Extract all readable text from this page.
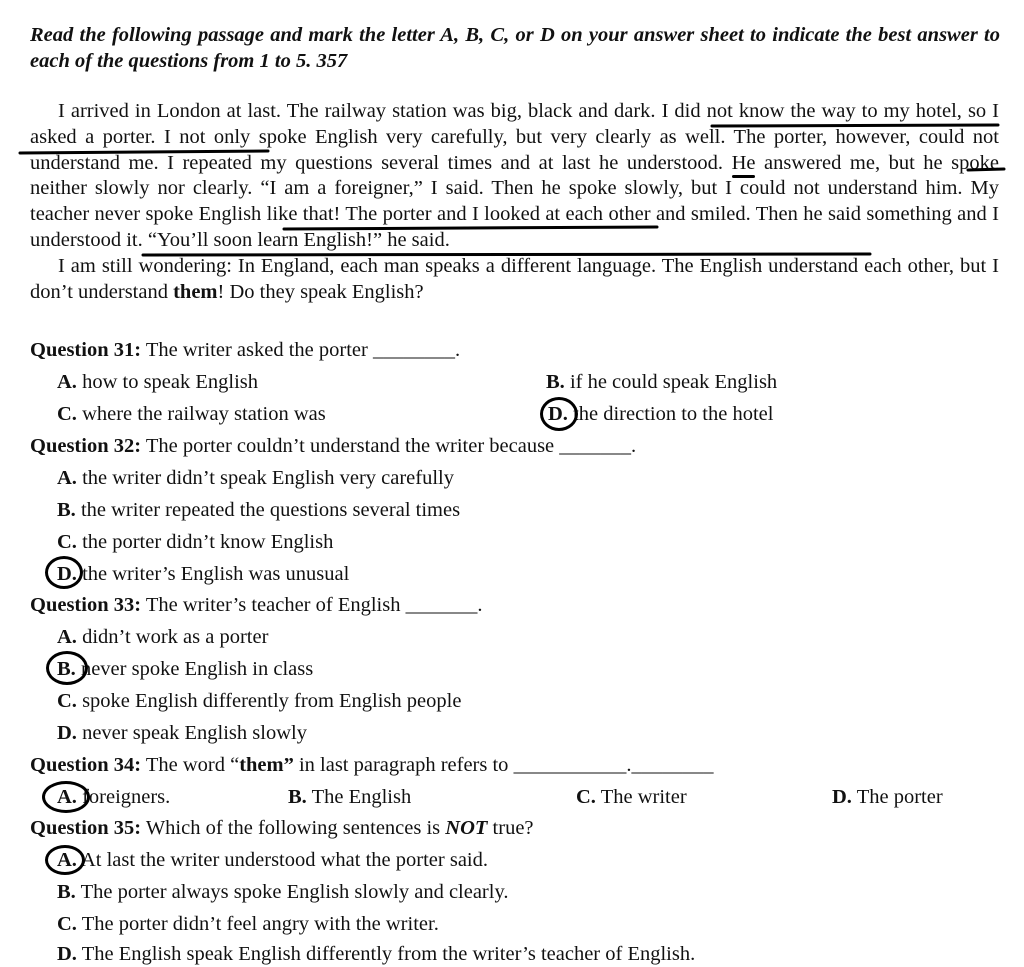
Read the following passage and mark the letter A, B, C, or D on your answer sheet to indicate the best answer to each of the questions from 1 to 5. 357

I arrived in London at last. The railway station was big, black and dark. I did not know the way to my hotel, so I asked a porter. I not only spoke English very carefully, but very clearly as well. The porter, however, could not understand me. I repeated my questions several times and at last he understood. He answered me, but he spoke neither slowly nor clearly. “I am a foreigner,” I said. Then he spoke slowly, but I could not understand him. My teacher never spoke English like that! The porter and I looked at each other and smiled. Then he said something and I understood it. “You’ll soon learn English!” he said.

I am still wondering: In England, each man speaks a different language. The English understand each other, but I don’t understand them! Do they speak English?

Question 31: The writer asked the porter ________.
A. how to speak English	B. if he could speak English
C. where the railway station was	D. the direction to the hotel
Question 32: The porter couldn’t understand the writer because _______.
A. the writer didn’t speak English very carefully
B. the writer repeated the questions several times
C. the porter didn’t know English
D. the writer’s English was unusual
Question 33: The writer’s teacher of English _______.
A. didn’t work as a porter
B. never spoke English in class
C. spoke English differently from English people
D. never speak English slowly
Question 34: The word “them” in last paragraph refers to ___________.________
A. foreigners.	B. The English	C. The writer	D. The porter
Question 35: Which of the following sentences is NOT true?
A. At last the writer understood what the porter said.
B. The porter always spoke English slowly and clearly.
C. The porter didn’t feel angry with the writer.
D. The English speak English differently from the writer’s teacher of English.
